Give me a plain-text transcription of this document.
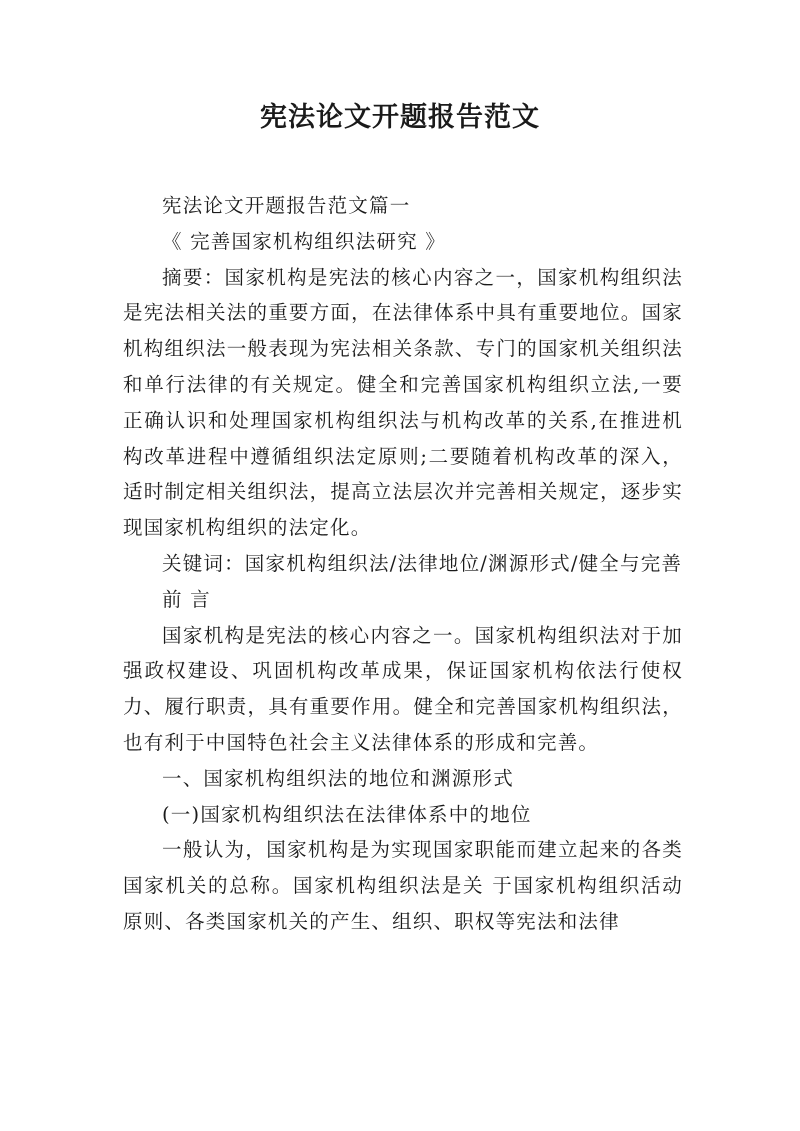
宪法论文开题报告范文

宪法论文开题报告范文篇一

《 完善国家机构组织法研究 》

摘要：国家机构是宪法的核心内容之一，国家机构组织法是宪法相关法的重要方面，在法律体系中具有重要地位。国家机构组织法一般表现为宪法相关条款、专门的国家机关组织法和单行法律的有关规定。健全和完善国家机构组织立法,一要正确认识和处理国家机构组织法与机构改革的关系,在推进机构改革进程中遵循组织法定原则;二要随着机构改革的深入，适时制定相关组织法，提高立法层次并完善相关规定，逐步实现国家机构组织的法定化。

关键词：国家机构组织法/法律地位/渊源形式/健全与完善

前 言

国家机构是宪法的核心内容之一。国家机构组织法对于加强政权建设、巩固机构改革成果，保证国家机构依法行使权力、履行职责，具有重要作用。健全和完善国家机构组织法，也有利于中国特色社会主义法律体系的形成和完善。

一、国家机构组织法的地位和渊源形式

(一)国家机构组织法在法律体系中的地位

一般认为，国家机构是为实现国家职能而建立起来的各类国家机关的总称。国家机构组织法是关 于国家机构组织活动原则、各类国家机关的产生、组织、职权等宪法和法律
